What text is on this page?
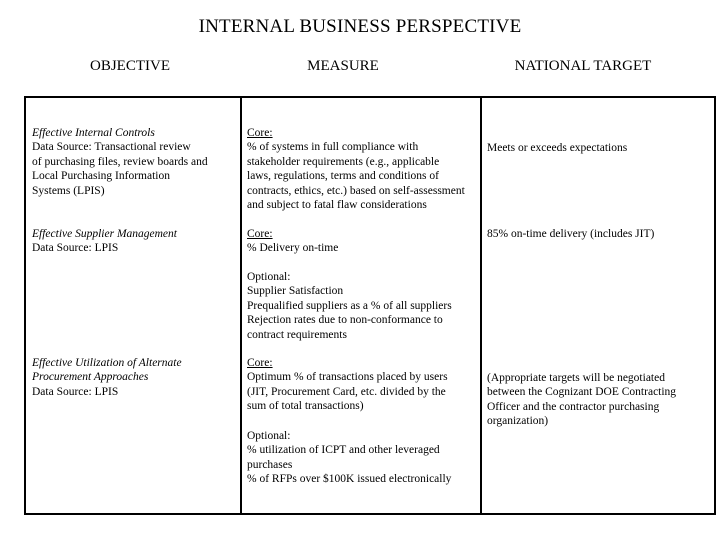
INTERNAL BUSINESS PERSPECTIVE
OBJECTIVE	MEASURE	NATIONAL TARGET
Effective Internal Controls
Data Source: Transactional review
of purchasing files, review boards and
Local Purchasing Information
Systems (LPIS)
Core:
% of systems in full compliance with
stakeholder requirements (e.g., applicable
laws, regulations, terms and conditions of
contracts, ethics, etc.) based on self-assessment
and subject to fatal flaw considerations
Meets or exceeds expectations
Effective Supplier Management
Data Source: LPIS
Core:
% Delivery on-time
Optional:
Supplier Satisfaction
Prequalified suppliers as a % of all suppliers
Rejection rates due to non-conformance to
contract requirements
85% on-time delivery (includes JIT)
Effective Utilization of Alternate
Procurement Approaches
Data Source: LPIS
Core:
Optimum % of transactions placed by users
(JIT, Procurement Card, etc. divided by the
sum of total transactions)
Optional:
% utilization of ICPT and other leveraged
purchases
% of RFPs over $100K issued electronically
(Appropriate targets will be negotiated
between the Cognizant DOE Contracting
Officer and the contractor purchasing
organization)
